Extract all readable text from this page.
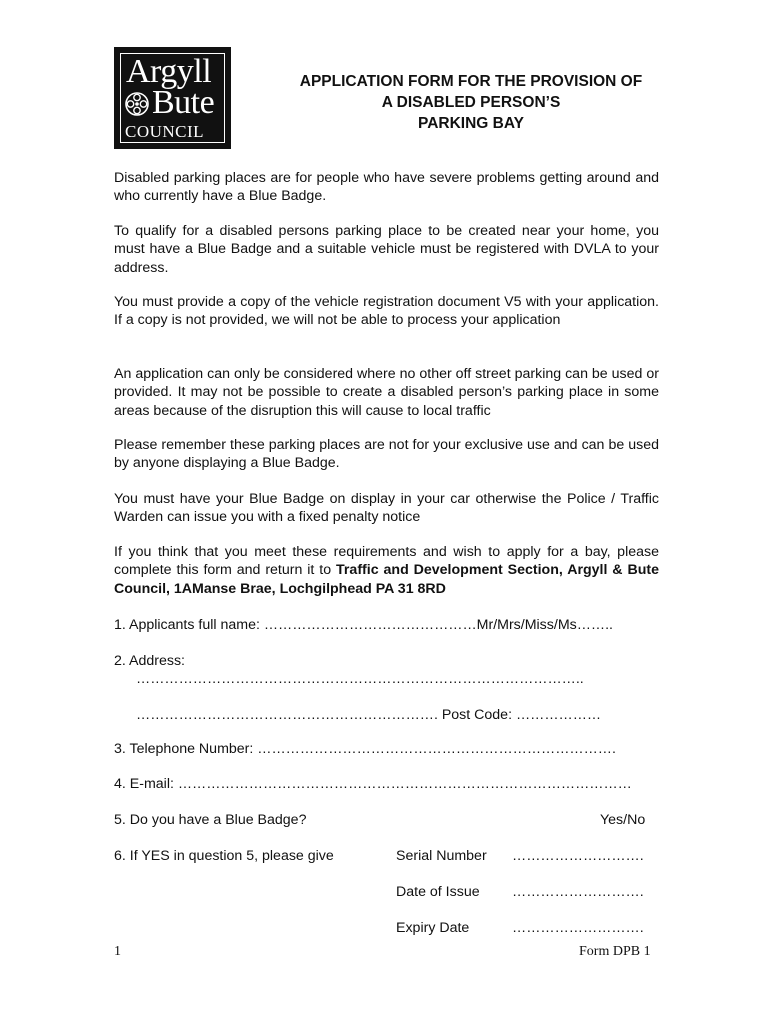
Argyll
Bute
COUNCIL
APPLICATION FORM FOR THE PROVISION OF
A DISABLED PERSON’S
PARKING BAY

Disabled parking places are for people who have severe problems getting around and who currently have a Blue Badge.

To qualify for a disabled persons parking place to be created near your home, you must have a Blue Badge and a suitable vehicle must be registered with DVLA to your address.

You must provide a copy of the vehicle registration document V5 with your application. If a copy is not provided, we will not be able to process your application

An application can only be considered where no other off street parking can be used or provided. It may not be possible to create a disabled person’s parking place in some areas because of the disruption this will cause to local traffic

Please remember these parking places are not for your exclusive use and can be used by anyone displaying a Blue Badge.

You must have your Blue Badge on display in your car otherwise the Police / Traffic Warden can issue you with a fixed penalty notice

If you think that you meet these requirements and wish to apply for a bay, please complete this form and return it to Traffic and Development Section, Argyll & Bute Council, 1AManse Brae, Lochgilphead PA 31 8RD

1. Applicants full name: ………………………………………Mr/Mrs/Miss/Ms……..
2. Address:
…………………………………………………………………………………..
………………………………………………………. Post Code: ………………
3. Telephone Number: ………………………………………………………………….
4. E-mail: ……………………………………………………………………………………
5. Do you have a Blue Badge?	Yes/No
6. If YES in question 5, please give	Serial Number ……………………….
Date of Issue ……………………….
Expiry Date	……………………….
1	Form DPB 1
